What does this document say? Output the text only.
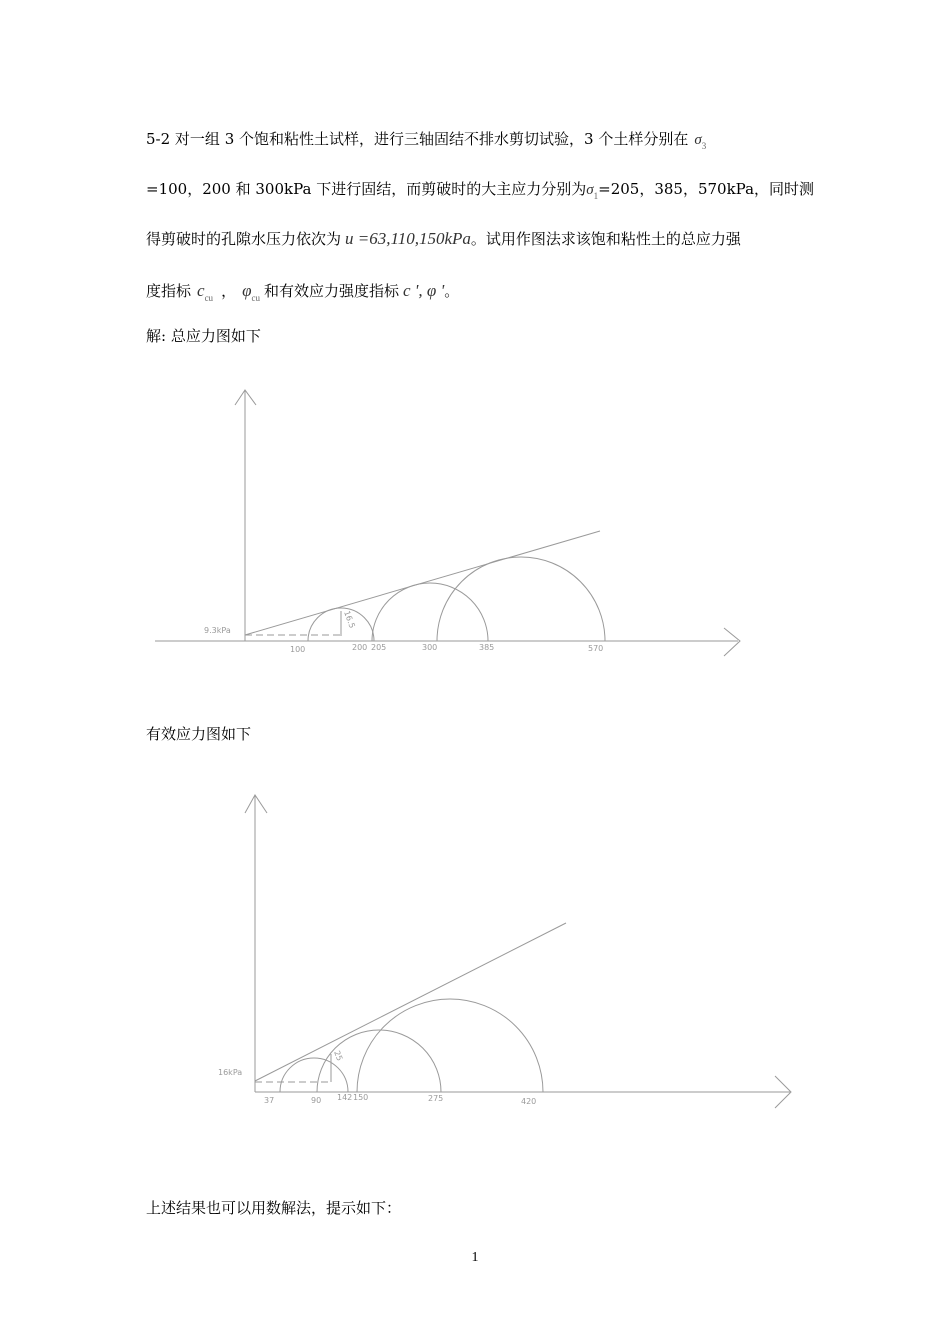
5-2 对一组 3 个饱和粘性土试样，进行三轴固结不排水剪切试验，3 个土样分别在 $\sigma_3$
=100，200 和 300kPa 下进行固结，而剪破时的大主应力分别为$\sigma_1=205$，385，570kPa，同时测
得剪破时的孔隙水压力依次为 u =63,110,150kPa。试用作图法求该饱和粘性土的总应力强
度指标 $c_{cu}$ ， $\varphi_{cu}$ 和有效应力强度指标 c ', φ '。
解: 总应力图如下
9.3kPa
16.5
100	200 205	300	385	570
有效应力图如下
16kPa
25
37	90 142 150	275	420
上述结果也可以用数解法，提示如下：
1
